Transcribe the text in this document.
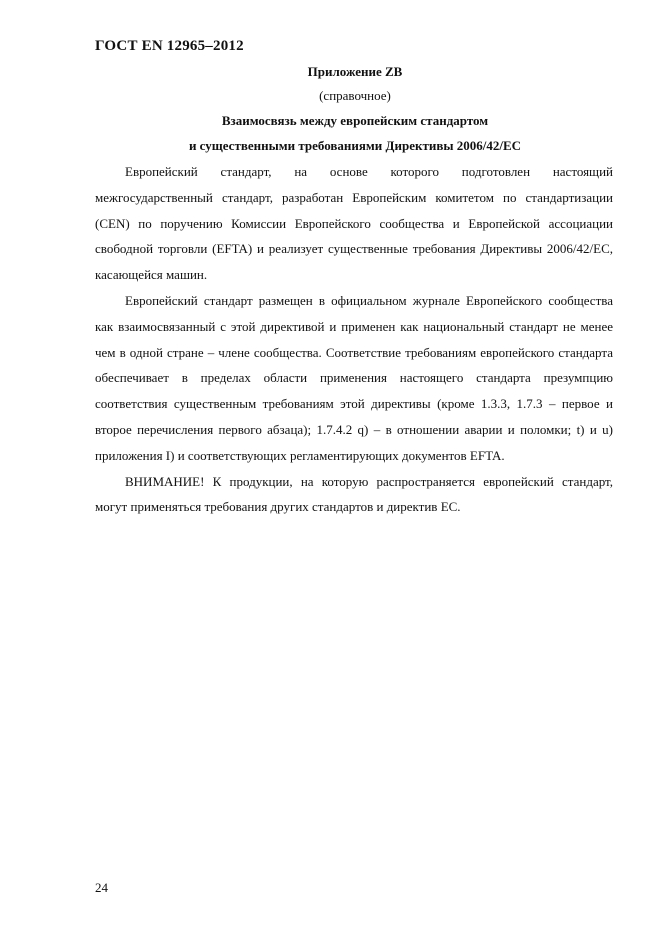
ГОСТ EN 12965–2012
Приложение ZB
(справочное)
Взаимосвязь между европейским стандартом
и существенными требованиями Директивы 2006/42/ЕС

Европейский стандарт, на основе которого подготовлен настоящий межгосударственный стандарт, разработан Европейским комитетом по стандартизации (CEN) по поручению Комиссии Европейского сообщества и Европейской ассоциации свободной торговли (EFTA) и реализует существенные требования Директивы 2006/42/ЕС, касающейся машин.

Европейский стандарт размещен в официальном журнале Европейского сообщества как взаимосвязанный с этой директивой и применен как национальный стандарт не менее чем в одной стране – члене сообщества. Соответствие требованиям европейского стандарта обеспечивает в пределах области применения настоящего стандарта презумпцию соответствия существенным требованиям этой директивы (кроме 1.3.3, 1.7.3 – первое и второе перечисления первого абзаца); 1.7.4.2 q) – в отношении аварии и поломки; t) и u) приложения I) и соответствующих регламентирующих документов EFTA.

ВНИМАНИЕ! К продукции, на которую распространяется европейский стандарт, могут применяться требования других стандартов и директив ЕС.

24
